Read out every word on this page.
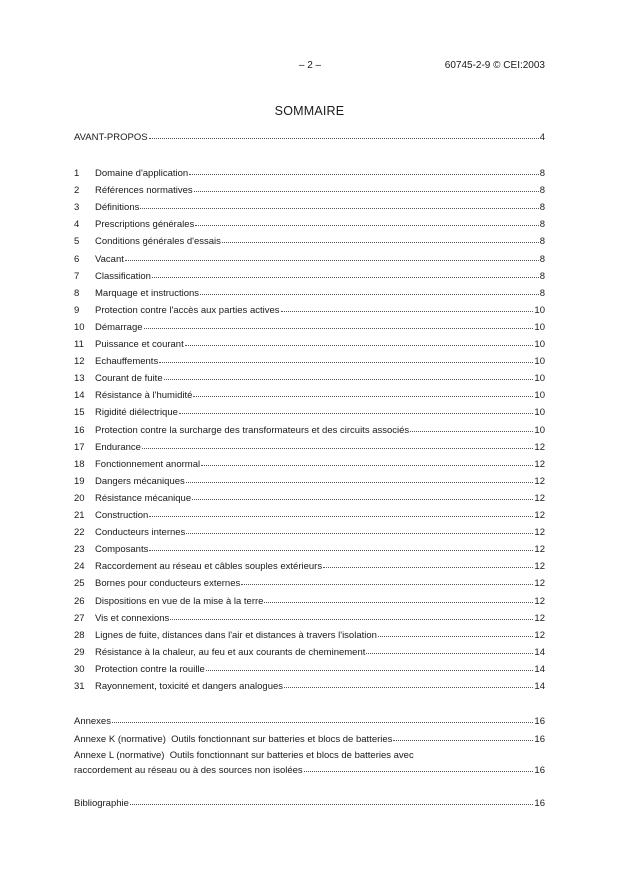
– 2 –	60745-2-9 © CEI:2003
SOMMAIRE
AVANT-PROPOS	4
1	Domaine d'application	8
2	Références normatives	8
3	Définitions	8
4	Prescriptions générales	8
5	Conditions générales d'essais	8
6	Vacant	8
7	Classification	8
8	Marquage et instructions	8
9	Protection contre l'accès aux parties actives	10
10	Démarrage	10
11	Puissance et courant	10
12	Echauffements	10
13	Courant de fuite	10
14	Résistance à l'humidité	10
15	Rigidité diélectrique	10
16	Protection contre la surcharge des transformateurs et des circuits associés	10
17	Endurance	12
18	Fonctionnement anormal	12
19	Dangers mécaniques	12
20	Résistance mécanique	12
21	Construction	12
22	Conducteurs internes	12
23	Composants	12
24	Raccordement au réseau et câbles souples extérieurs	12
25	Bornes pour conducteurs externes	12
26	Dispositions en vue de la mise à la terre	12
27	Vis et connexions	12
28	Lignes de fuite, distances dans l'air et distances à travers l'isolation	12
29	Résistance à la chaleur, au feu et aux courants de cheminement	14
30	Protection contre la rouille	14
31	Rayonnement, toxicité et dangers analogues	14
Annexes	16
Annexe K (normative)  Outils fonctionnant sur batteries et blocs de batteries	16
Annexe L (normative)  Outils fonctionnant sur batteries et blocs de batteries avec
raccordement au réseau ou à des sources non isolées	16
Bibliographie	16
